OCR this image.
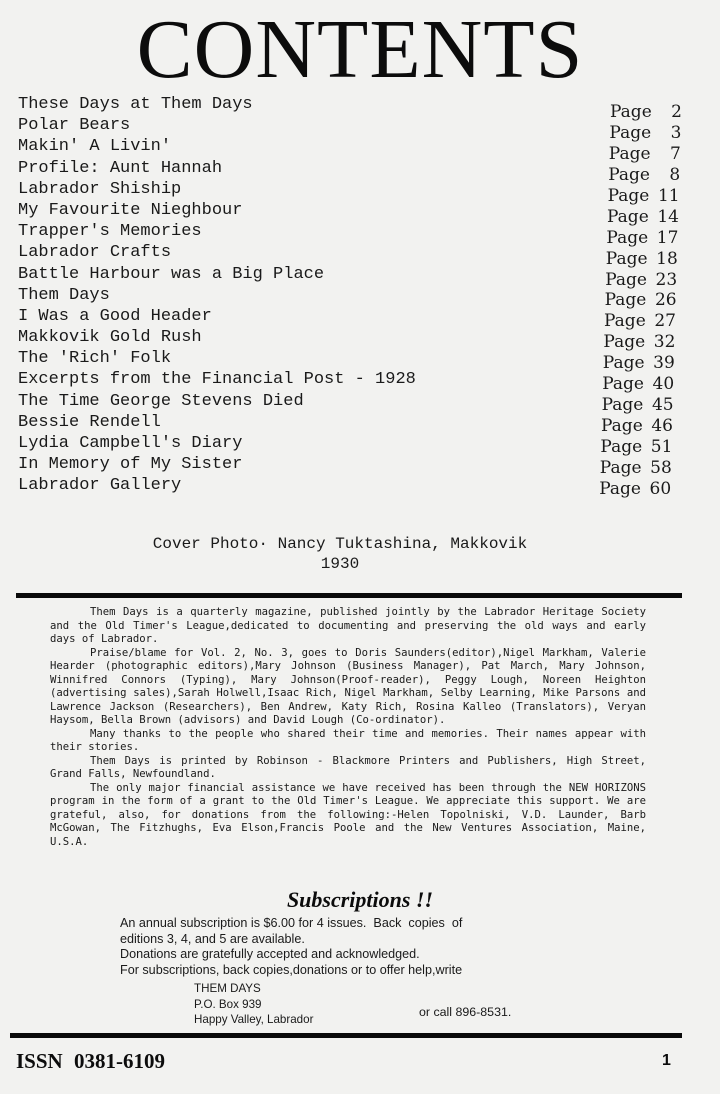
CONTENTS
These Days at Them Days	Page	2
Polar Bears	Page	3
Makin' A Livin'	Page	7
Profile: Aunt Hannah	Page	8
Labrador Shiship	Page 11
My Favourite Nieghbour	Page 14
Trapper's Memories	Page 17
Labrador Crafts	Page 18
Battle Harbour was a Big Place	Page 23
Them Days	Page 26
I Was a Good Header	Page 27
Makkovik Gold Rush	Page 32
The 'Rich' Folk	Page 39
Excerpts from the Financial Post - 1928	Page 40
The Time George Stevens Died	Page 45
Bessie Rendell	Page 46
Lydia Campbell's Diary	Page 51
In Memory of My Sister	Page 58
Labrador Gallery	Page 60
Cover Photo· Nancy Tuktashina, Makkovik
1930

Them Days is a quarterly magazine, published jointly by the Labrador Heritage Society and the Old Timer's League,dedicated to documenting and preserving the old ways and early days of Labrador.

Praise/blame for Vol. 2, No. 3, goes to Doris Saunders(editor),Nigel Markham, Valerie Hearder (photographic editors),Mary Johnson (Business Manager), Pat March, Mary Johnson, Winnifred Connors (Typing), Mary Johnson(Proof-reader), Peggy Lough, Noreen Heighton (advertising sales),Sarah Holwell,Isaac Rich, Nigel Markham, Selby Learning, Mike Parsons and Lawrence Jackson (Researchers), Ben Andrew, Katy Rich, Rosina Kalleo (Translators), Veryan Haysom, Bella Brown (advisors) and David Lough (Co-ordinator).

Many thanks to the people who shared their time and memories. Their names appear with their stories.

Them Days is printed by Robinson - Blackmore Printers and Publishers, High Street, Grand Falls, Newfoundland.

The only major financial assistance we have received has been through the NEW HORIZONS program in the form of a grant to the Old Timer's League. We appreciate this support. We are grateful, also, for donations from the following:-Helen Topolniski, V.D. Launder, Barb McGowan, The Fitzhughs, Eva Elson,Francis Poole and the New Ventures Association, Maine, U.S.A.

Subscriptions !!
An annual subscription is $6.00 for 4 issues.  Back  copies  of
editions 3, 4, and 5 are available.
Donations are gratefully accepted and acknowledged.
For subscriptions, back copies,donations or to offer help,write
THEM DAYS
P.O. Box 939
Happy Valley, Labrador
or call 896-8531.
ISSN 0381-6109	1
